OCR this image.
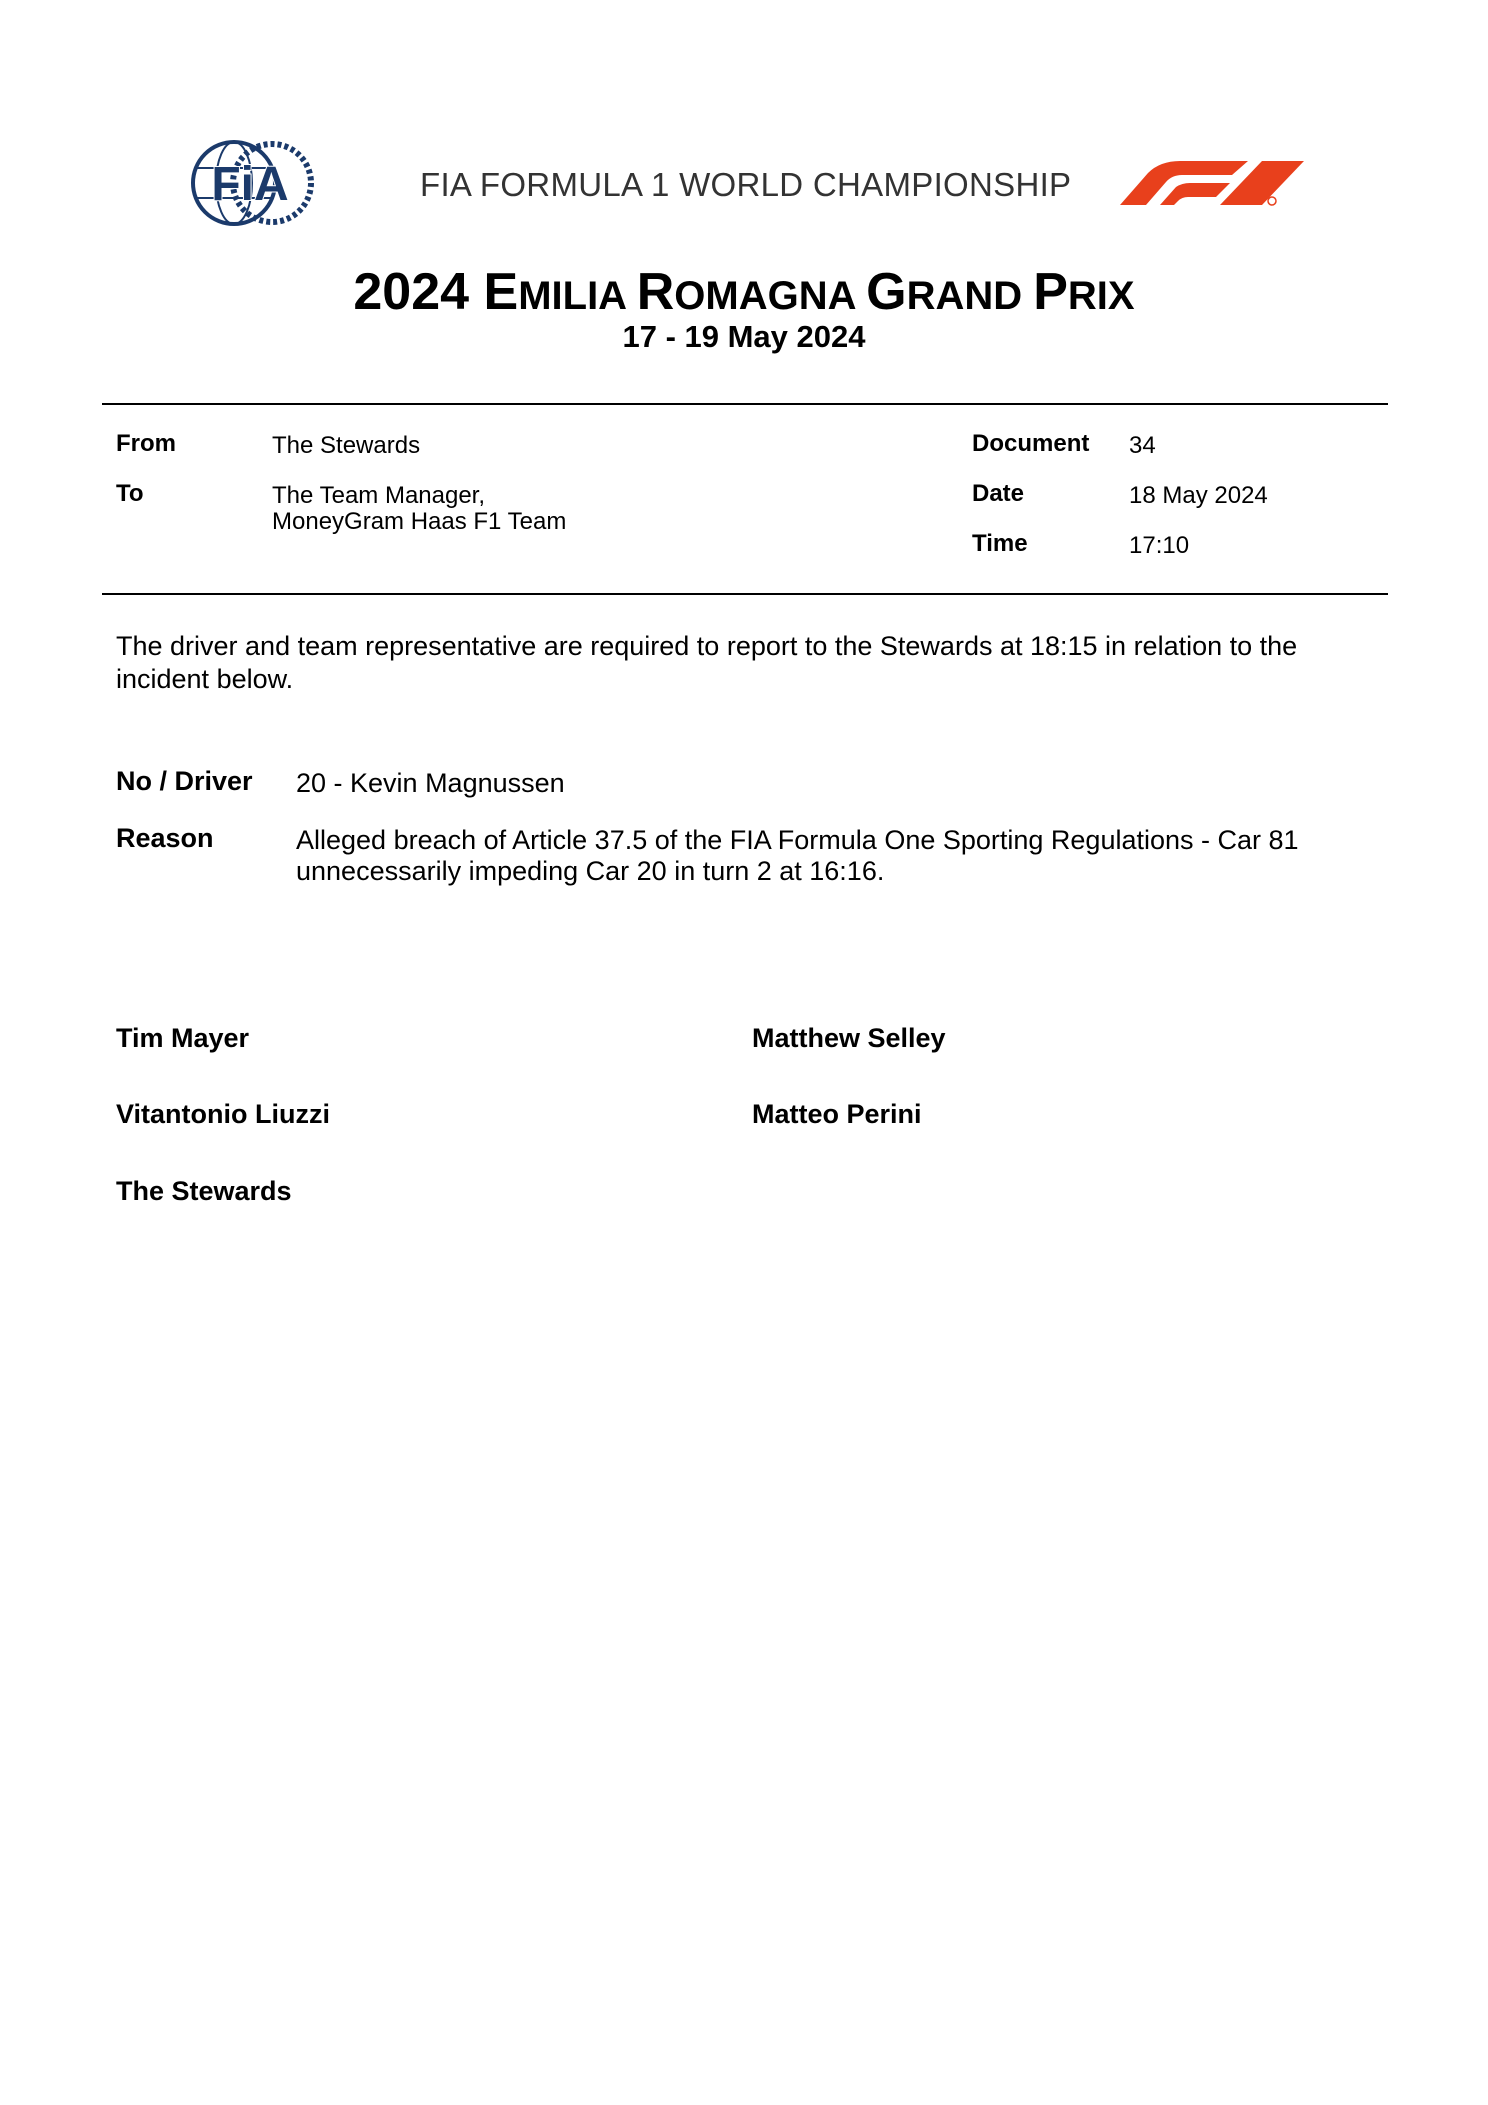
FiA	FIA FORMULA 1 WORLD CHAMPIONSHIP
2024 EMILIA ROMAGNA GRAND PRIX
17 - 19 May 2024
From	The Stewards
To	The Team Manager,
MoneyGram Haas F1 Team
Document 34
Date	18 May 2024
Time	17:10
The driver and team representative are required to report to the Stewards at 18:15 in relation to the incident below.
No / Driver 20 - Kevin Magnussen
Reason	Alleged breach of Article 37.5 of the FIA Formula One Sporting Regulations - Car 81 unnecessarily impeding Car 20 in turn 2 at 16:16.
Tim Mayer	Matthew Selley
Vitantonio Liuzzi	Matteo Perini
The Stewards
